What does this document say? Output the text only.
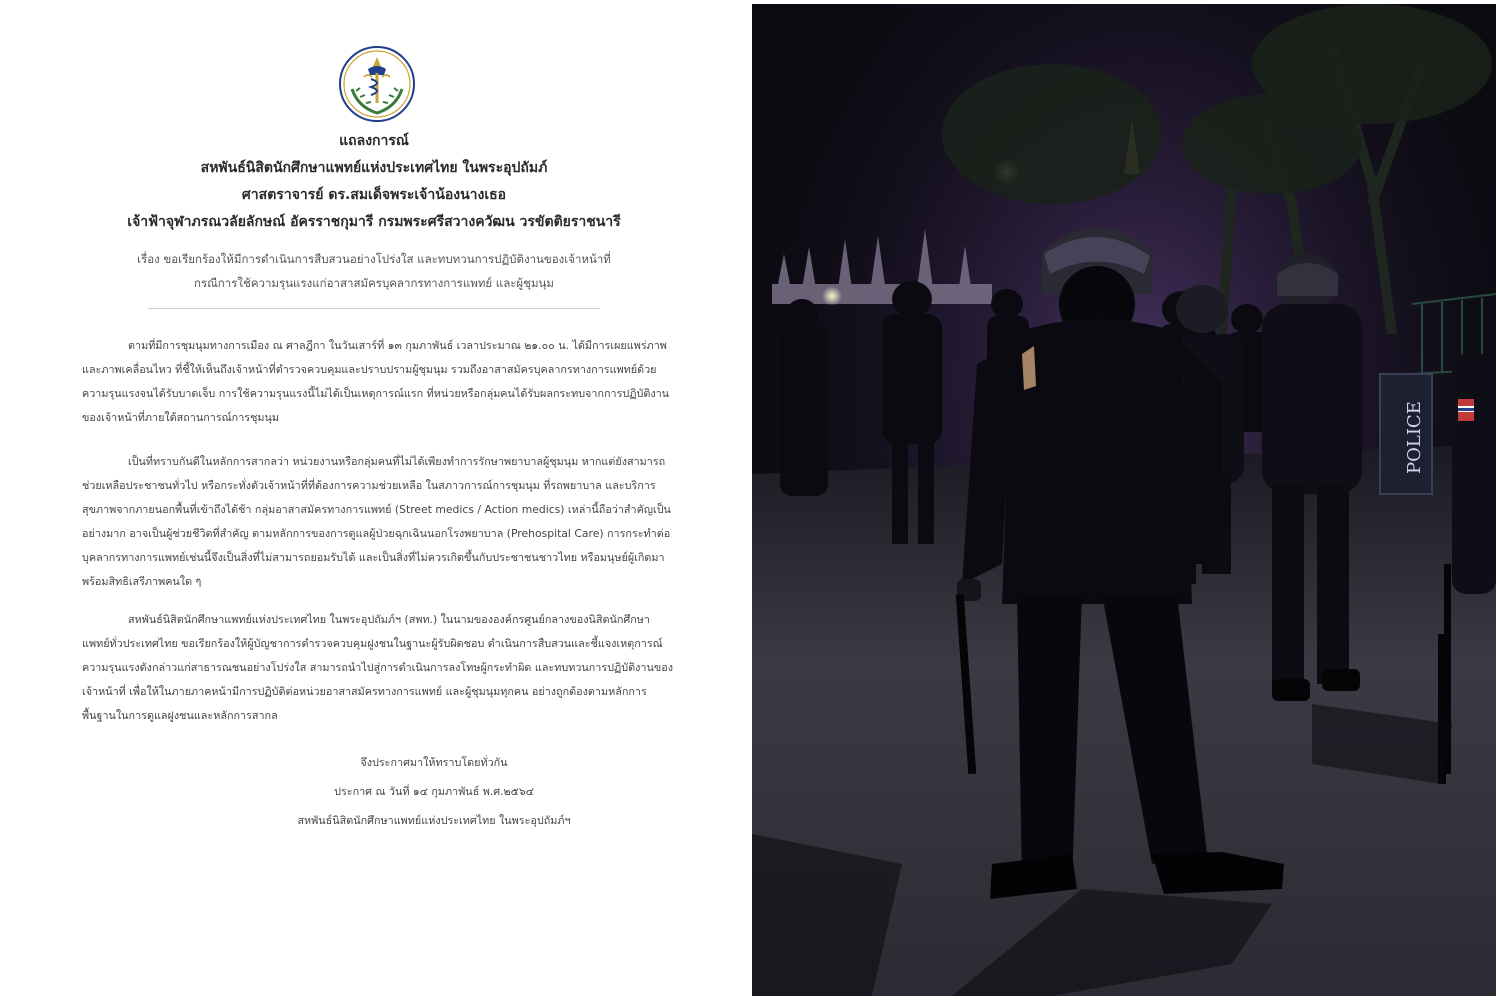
แถลงการณ์
สหพันธ์นิสิตนักศึกษาแพทย์แห่งประเทศไทย ในพระอุปถัมภ์
ศาสตราจารย์ ดร.สมเด็จพระเจ้าน้องนางเธอ
เจ้าฟ้าจุฬาภรณวลัยลักษณ์ อัครราชกุมารี กรมพระศรีสวางควัฒน วรขัตติยราชนารี
เรื่อง ขอเรียกร้องให้มีการดำเนินการสืบสวนอย่างโปร่งใส และทบทวนการปฏิบัติงานของเจ้าหน้าที่
กรณีการใช้ความรุนแรงแก่อาสาสมัครบุคลากรทางการแพทย์ และผู้ชุมนุม
ตามที่มีการชุมนุมทางการเมือง ณ ศาลฎีกา ในวันเสาร์ที่ ๑๓ กุมภาพันธ์ เวลาประมาณ ๒๑.๐๐ น. ได้มีการเผยแพร่ภาพ
และภาพเคลื่อนไหว ที่ชี้ให้เห็นถึงเจ้าหน้าที่ตำรวจควบคุมและปราบปรามผู้ชุมนุม รวมถึงอาสาสมัครบุคลากรทางการแพทย์ด้วย
ความรุนแรงจนได้รับบาดเจ็บ การใช้ความรุนแรงนี้ไม่ได้เป็นเหตุการณ์แรก ที่หน่วยหรือกลุ่มคนได้รับผลกระทบจากการปฏิบัติงาน
ของเจ้าหน้าที่ภายใต้สถานการณ์การชุมนุม
เป็นที่ทราบกันดีในหลักการสากลว่า หน่วยงานหรือกลุ่มคนที่ไม่ได้เพียงทำการรักษาพยาบาลผู้ชุมนุม หากแต่ยังสามารถ
ช่วยเหลือประชาชนทั่วไป หรือกระทั่งตัวเจ้าหน้าที่ที่ต้องการความช่วยเหลือ ในสภาวการณ์การชุมนุม ที่รถพยาบาล และบริการ
สุขภาพจากภายนอกพื้นที่เข้าถึงได้ช้า กลุ่มอาสาสมัครทางการแพทย์ (Street medics / Action medics) เหล่านี้ถือว่าสำคัญเป็น
อย่างมาก อาจเป็นผู้ช่วยชีวิตที่สำคัญ ตามหลักการของการดูแลผู้ป่วยฉุกเฉินนอกโรงพยาบาล (Prehospital Care) การกระทำต่อ
บุคลากรทางการแพทย์เช่นนี้จึงเป็นสิ่งที่ไม่สามารถยอมรับได้ และเป็นสิ่งที่ไม่ควรเกิดขึ้นกับประชาชนชาวไทย หรือมนุษย์ผู้เกิดมา
พร้อมสิทธิเสรีภาพคนใด ๆ
สหพันธ์นิสิตนักศึกษาแพทย์แห่งประเทศไทย ในพระอุปถัมภ์ฯ (สพท.) ในนามขององค์กรศูนย์กลางของนิสิตนักศึกษา
แพทย์ทั่วประเทศไทย ขอเรียกร้องให้ผู้บัญชาการตำรวจควบคุมฝูงชนในฐานะผู้รับผิดชอบ ดำเนินการสืบสวนและชี้แจงเหตุการณ์
ความรุนแรงดังกล่าวแก่สาธารณชนอย่างโปร่งใส สามารถนำไปสู่การดำเนินการลงโทษผู้กระทำผิด และทบทวนการปฏิบัติงานของ
เจ้าหน้าที่ เพื่อให้ในภายภาคหน้ามีการปฏิบัติต่อหน่วยอาสาสมัครทางการแพทย์ และผู้ชุมนุมทุกคน อย่างถูกต้องตามหลักการ
พื้นฐานในการดูแลฝูงชนและหลักการสากล
จึงประกาศมาให้ทราบโดยทั่วกัน
ประกาศ ณ วันที่ ๑๔ กุมภาพันธ์ พ.ศ.๒๕๖๔
สหพันธ์นิสิตนักศึกษาแพทย์แห่งประเทศไทย ในพระอุปถัมภ์ฯ
POLICE
